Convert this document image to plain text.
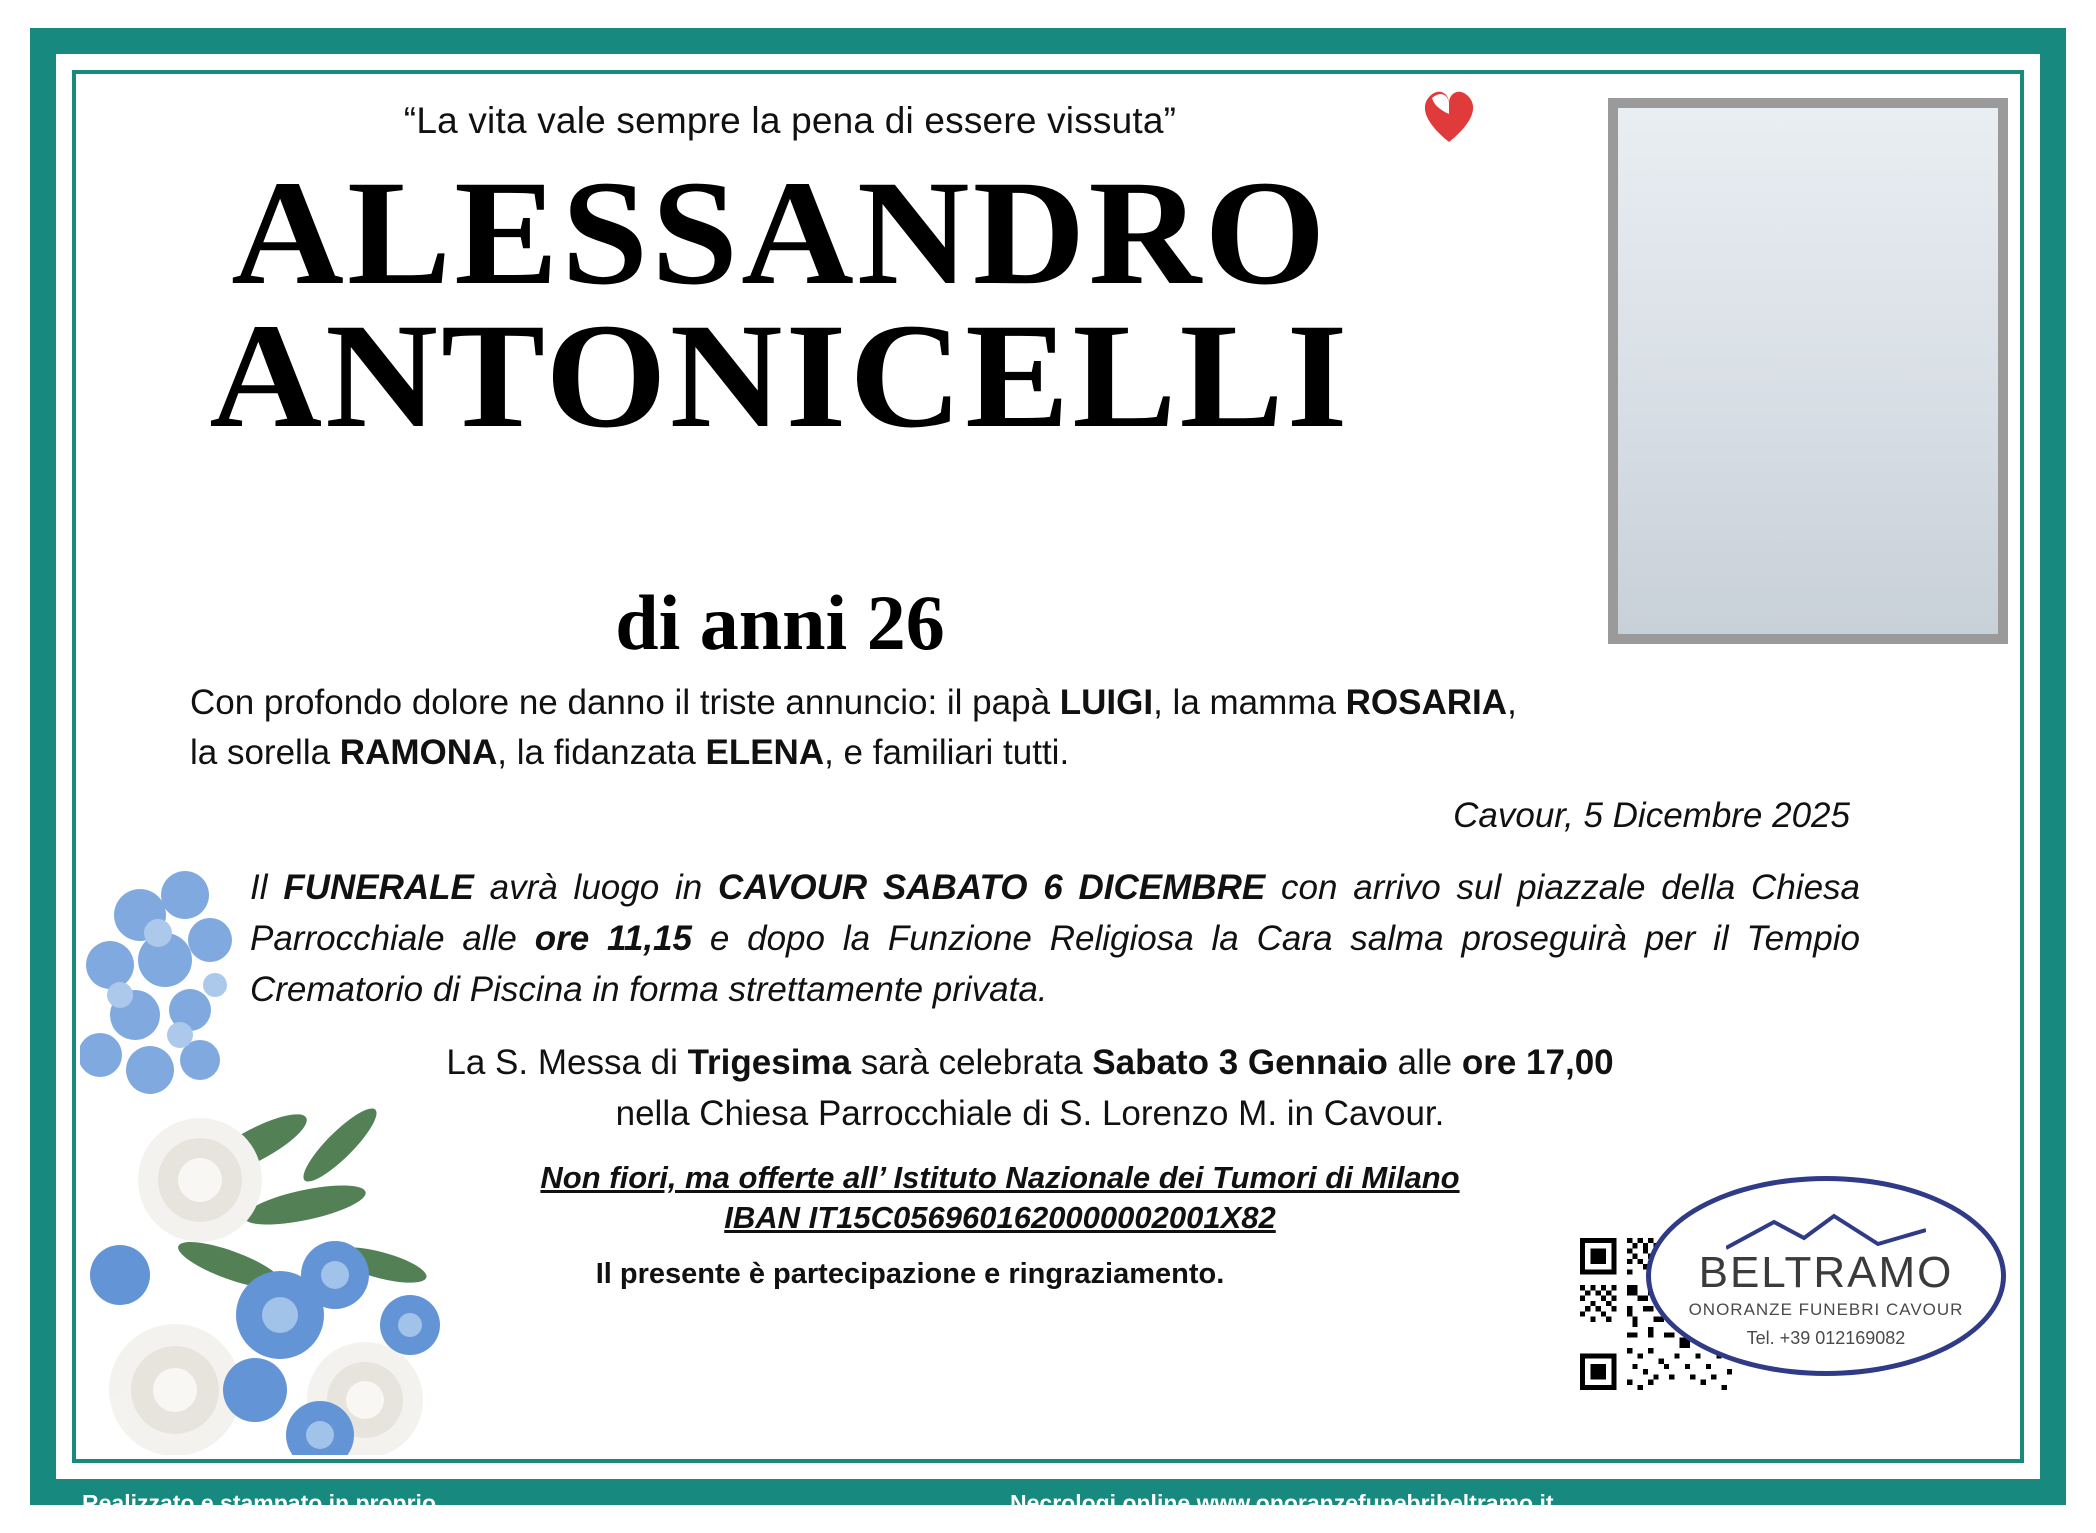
“La vita vale sempre la pena di essere vissuta”
ALESSANDRO
ANTONICELLI
di anni 26
Con profondo dolore ne danno il triste annuncio: il papà LUIGI, la mamma ROSARIA,
la sorella RAMONA, la fidanzata ELENA, e familiari tutti.
Cavour, 5 Dicembre 2025
Il FUNERALE avrà luogo in CAVOUR SABATO 6 DICEMBRE con arrivo sul piazzale della Chiesa Parrocchiale alle ore 11,15 e dopo la Funzione Religiosa la Cara salma proseguirà per il Tempio Crematorio di Piscina in forma strettamente privata.
La S. Messa di Trigesima sarà celebrata Sabato 3 Gennaio alle ore 17,00
nella Chiesa Parrocchiale di S. Lorenzo M. in Cavour.
Non fiori, ma offerte all’ Istituto Nazionale dei Tumori di Milano
IBAN IT15C0569601620000002001X82
Il presente è partecipazione e ringraziamento.	BELTRAMO
ONORANZE FUNEBRI CAVOUR
Tel. +39 012169082
Realizzato e stampato in proprio	Necrologi online www.onoranzefunebribeltramo.it
